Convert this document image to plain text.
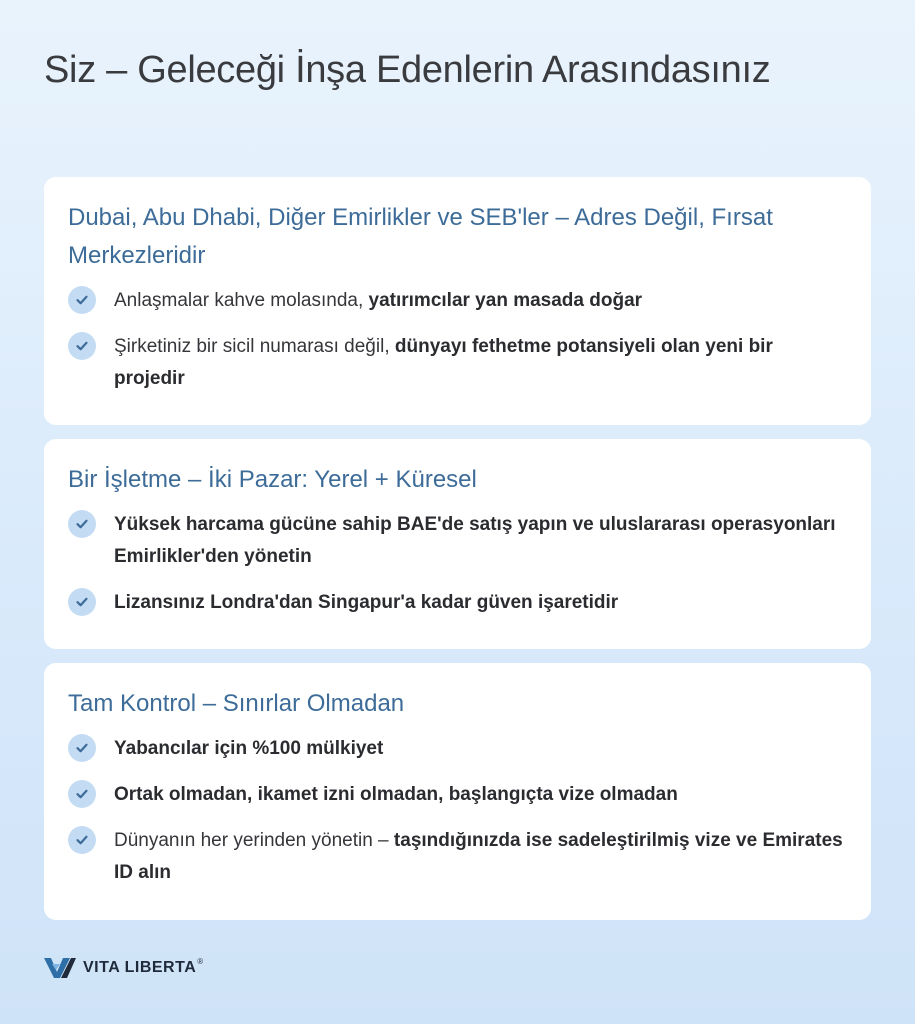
Siz – Geleceği İnşa Edenlerin Arasındasınız
Dubai, Abu Dhabi, Diğer Emirlikler ve SEB'ler – Adres Değil, Fırsat Merkezleridir

Anlaşmalar kahve molasında, yatırımcılar yan masada doğar

Şirketiniz bir sicil numarası değil, dünyayı fethetme potansiyeli olan yeni bir projedir

Bir İşletme – İki Pazar: Yerel + Küresel

Yüksek harcama gücüne sahip BAE'de satış yapın ve uluslararası operasyonları Emirlikler'den yönetin

Lizansınız Londra'dan Singapur'a kadar güven işaretidir

Tam Kontrol – Sınırlar Olmadan

Yabancılar için %100 mülkiyet

Ortak olmadan, ikamet izni olmadan, başlangıçta vize olmadan

Dünyanın her yerinden yönetin – taşındığınızda ise sadeleştirilmiş vize ve Emirates ID alın

VITA LIBERTA ®
